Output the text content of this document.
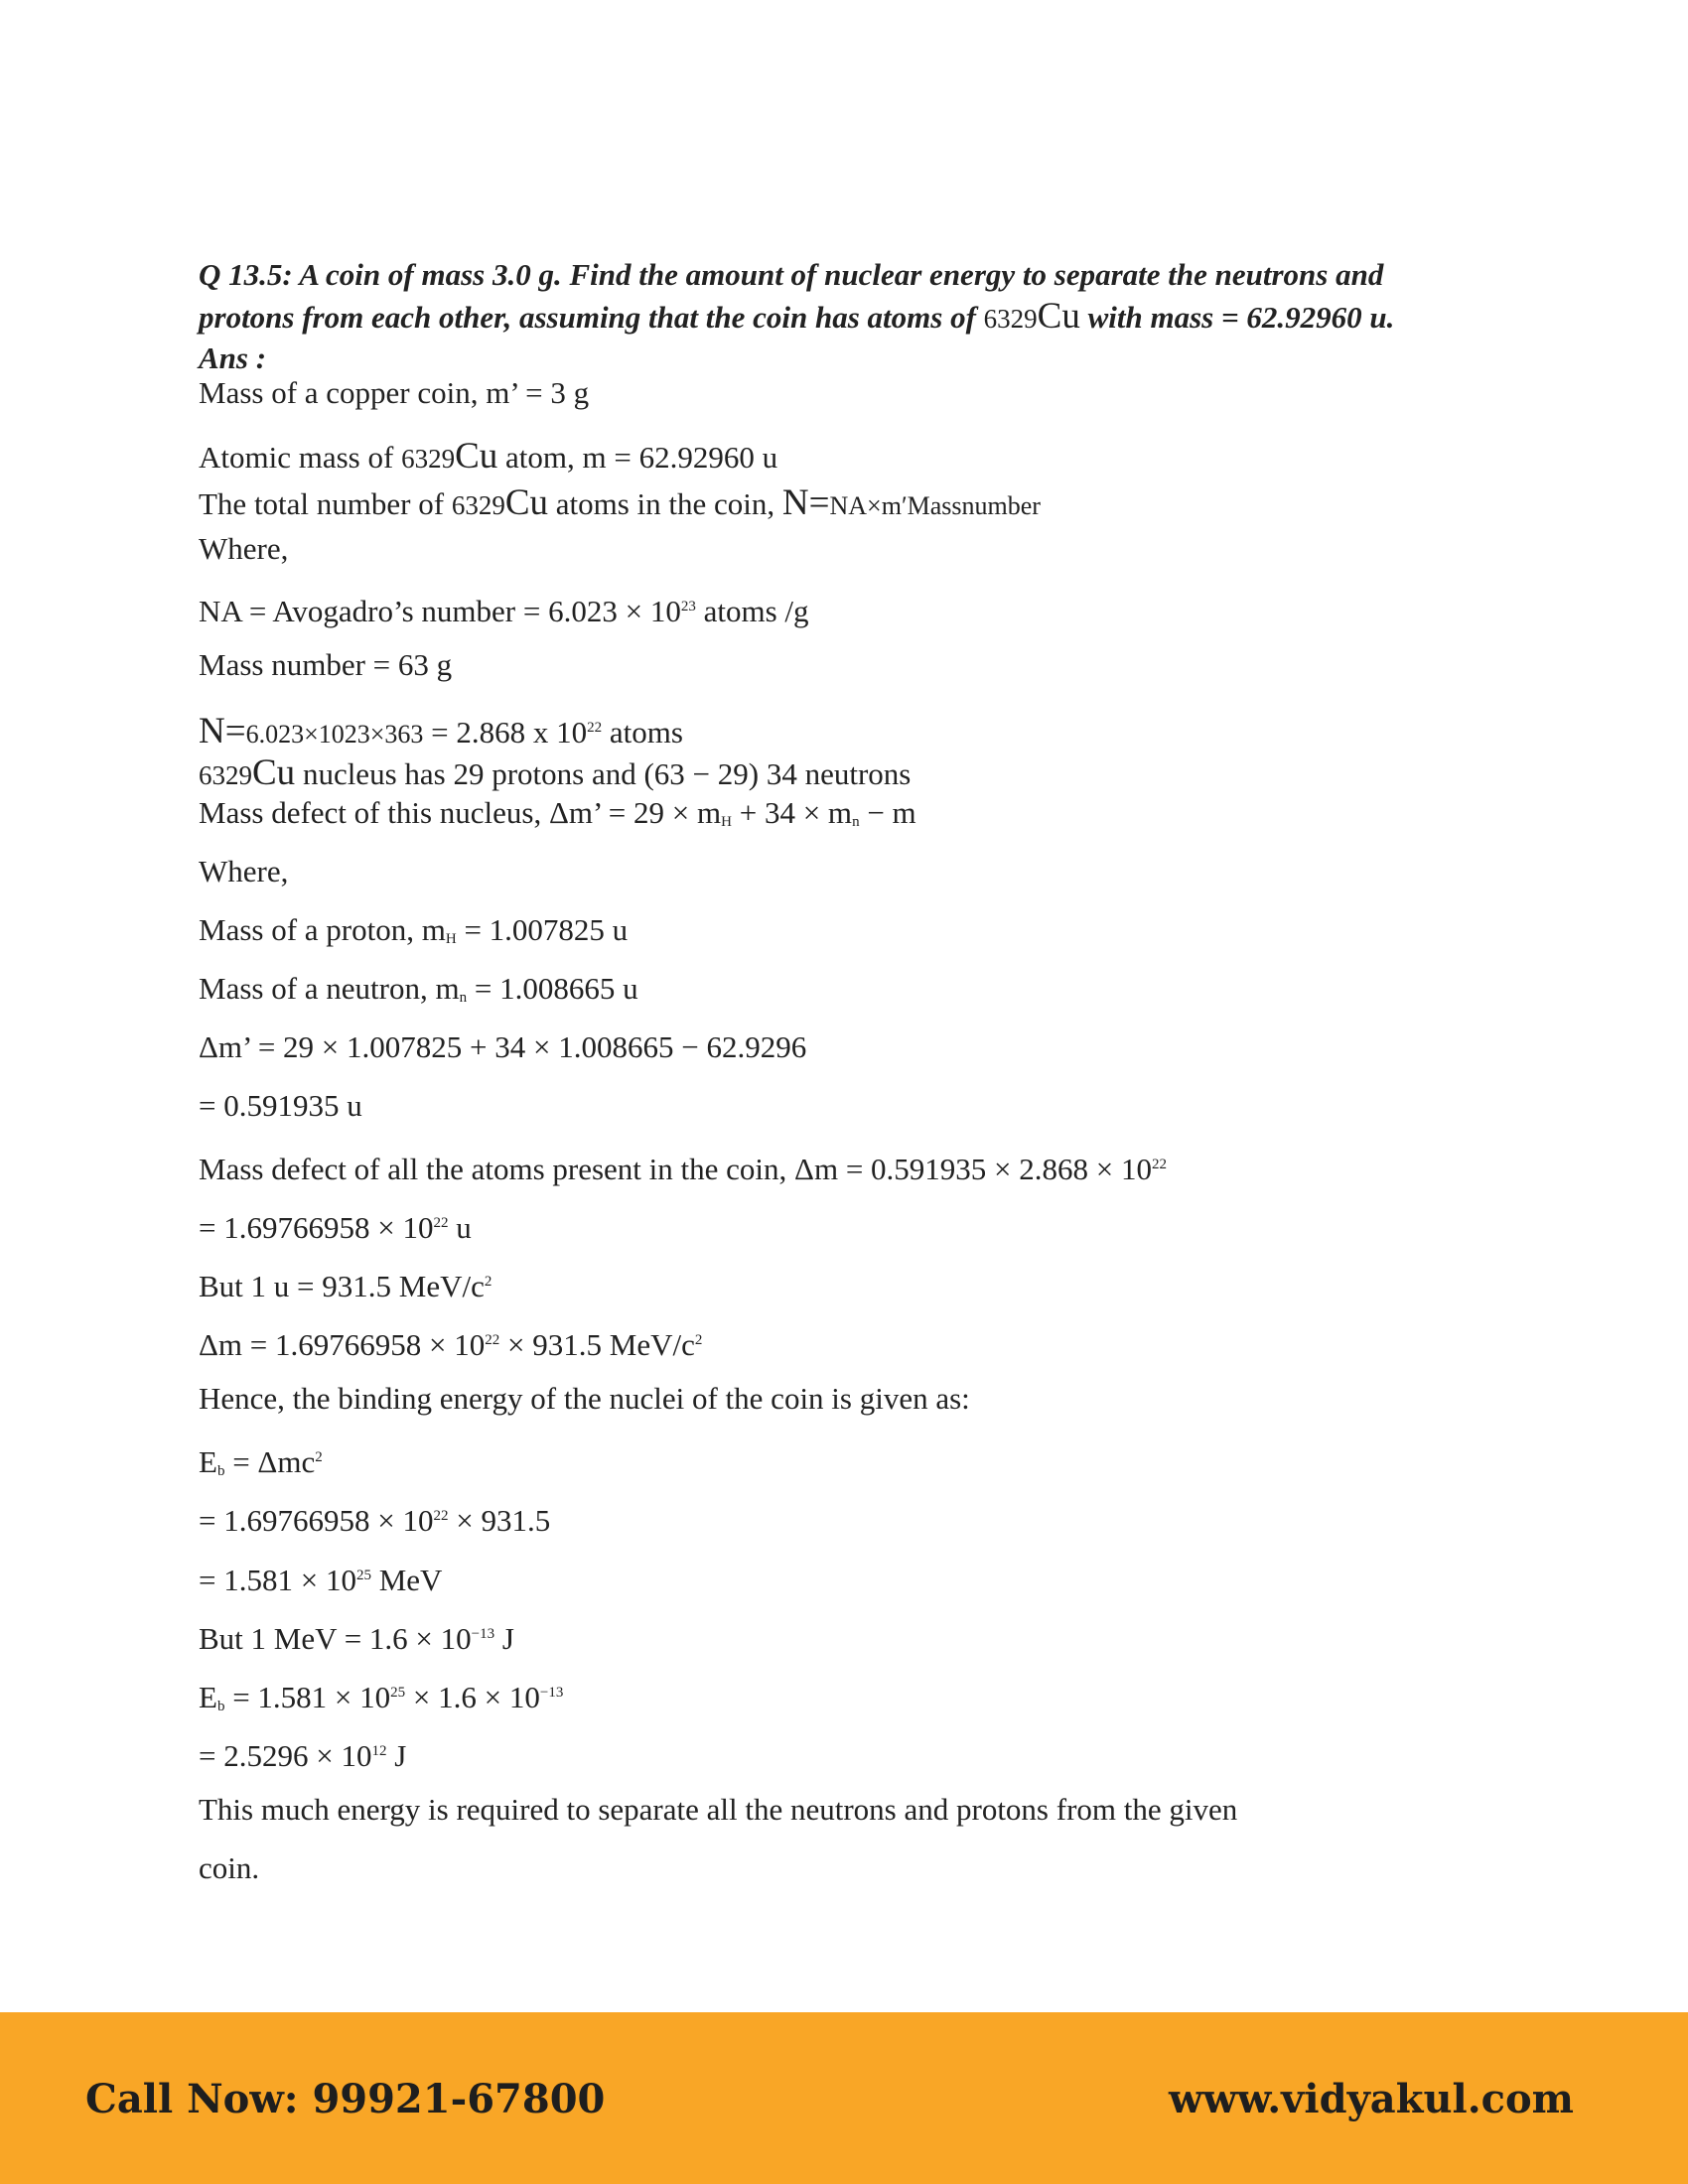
Q 13.5: A coin of mass 3.0 g. Find the amount of nuclear energy to separate the neutrons and
protons from each other, assuming that the coin has atoms of 6329Cu with mass = 62.92960 u.
Ans :
Mass of a copper coin, m’ = 3 g
Atomic mass of 6329Cu atom, m = 62.92960 u
The total number of 6329Cu atoms in the coin, N=NA×m′Massnumber
Where,
NA = Avogadro’s number = $6.023 \times 10^{23}$ atoms /g
Mass number = 63 g
N=6.023×1023×363 = 2.868 x $10^{22}$ atoms
6329Cu nucleus has 29 protons and (63 − 29) 34 neutrons
Mass defect of this nucleus, Δm’ = $29 \times m_H + 34 \times m_n - m$
Where,
Mass of a proton, $m_H = 1.007825$ u
Mass of a neutron, $m_n = 1.008665$ u
Δm’ = 29 × 1.007825 + 34 × 1.008665 − 62.9296
= 0.591935 u
Mass defect of all the atoms present in the coin, $\Delta m = 0.591935 \times 2.868 \times 10^{22}$
= $1.69766958 \times 10^{22}$ u
But 1 u = 931.5 MeV/$c^2$
$\Delta m = 1.69766958 \times 10^{22} \times 931.5$ MeV/$c^2$
Hence, the binding energy of the nuclei of the coin is given as:
$E_b = \Delta mc^2$
= $1.69766958 \times 10^{22} \times 931.5$
= $1.581 \times 10^{25}$ MeV
But 1 MeV = $1.6 \times 10^{-13}$ J
$E_b = 1.581 \times 10^{25} \times 1.6 \times 10^{-13}$
= $2.5296 \times 10^{12}$ J
This much energy is required to separate all the neutrons and protons from the given
coin.
Call Now: 99921-67800	www.vidyakul.com
